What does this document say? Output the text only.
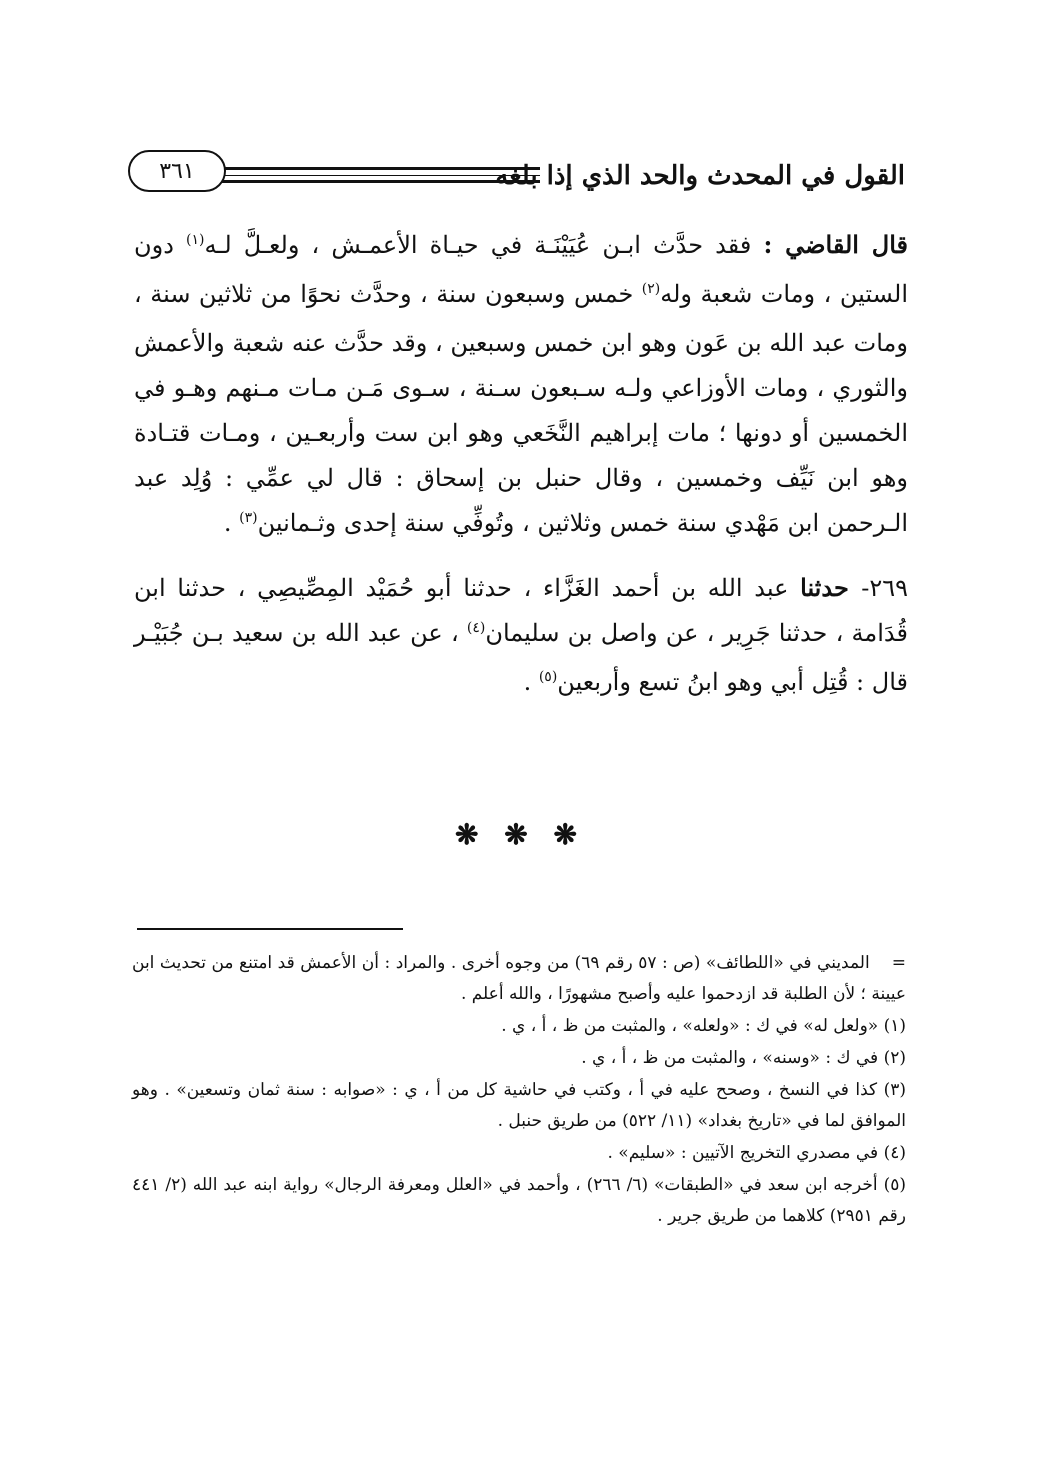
القول في المحدث والحد الذي إذا بلغه
٣٦١

قال القاضي : فقد حدَّث ابـن عُيَيْنَـة في حيـاة الأعمـش ، ولعـلَّ لـه$^{(١)}$ دون الستين ، ومات شعبة وله$^{(٢)}$ خمس وسبعون سنة ، وحدَّث نحوًا من ثلاثين سنة ، ومات عبد الله بن عَون وهو ابن خمس وسبعين ، وقد حدَّث عنه شعبة والأعمش والثوري ، ومات الأوزاعي ولـه سـبعون سـنة ، سـوى مَـن مـات مـنهم وهـو في الخمسين أو دونها ؛ مات إبراهيم النَّخَعي وهو ابن ست وأربعـين ، ومـات قتـادة وهو ابن نَيِّف وخمسين ، وقال حنبل بن إسحاق : قال لي عمِّي : وُلِد عبد الـرحمن ابن مَهْدي سنة خمس وثلاثين ، وتُوفِّي سنة إحدى وثـمانين$^{(٣)}$ .

٢٦٩- حدثنا عبد الله بن أحمد الغَزَّاء ، حدثنا أبو حُمَيْد المِصِّيصِي ، حدثنا ابن قُدَامة ، حدثنا جَرِير ، عن واصل بن سليمان$^{(٤)}$ ، عن عبد الله بن سعيد بـن جُبَيْـر قال : قُتِل أبي وهو ابنُ تسع وأربعين$^{(٥)}$ .

❋ ❋ ❋

=    المديني في «اللطائف» (ص : ٥٧ رقم ٦٩) من وجوه أخرى . والمراد : أن الأعمش قد امتنع من تحديث ابن عيينة ؛ لأن الطلبة قد ازدحموا عليه وأصبح مشهورًا ، والله أعلم .

(١) «ولعل له» في ك : «ولعله» ، والمثبت من ظ ، أ ، ي .

(٢) في ك : «وسنه» ، والمثبت من ظ ، أ ، ي .

(٣) كذا في النسخ ، وصحح عليه في أ ، وكتب في حاشية كل من أ ، ي : «صوابه : سنة ثمان وتسعين» . وهو الموافق لما في «تاريخ بغداد» (١١/ ٥٢٢) من طريق حنبل .

(٤) في مصدري التخريج الآتيين : «سليم» .

(٥) أخرجه ابن سعد في «الطبقات» (٦/ ٢٦٦) ، وأحمد في «العلل ومعرفة الرجال» رواية ابنه عبد الله (٢/ ٤٤١ رقم ٢٩٥١) كلاهما من طريق جرير .
